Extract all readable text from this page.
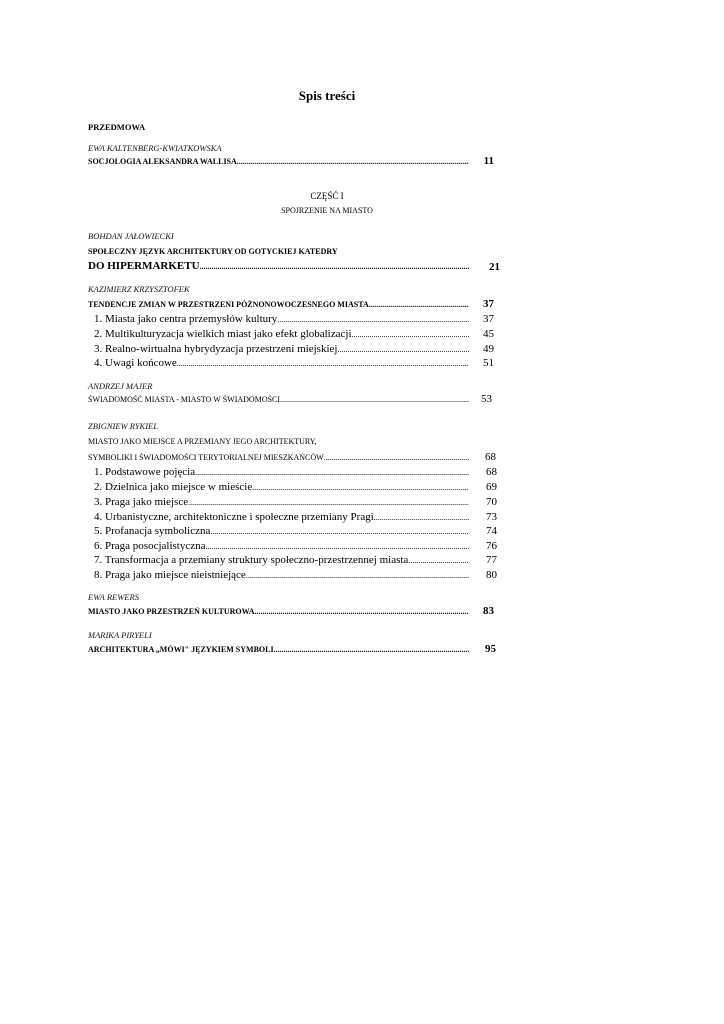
Spis treści
PRZEDMOWA
EWA KALTENBERG-KWIATKOWSKA
SOCJOLOGIA ALEKSANDRA WALLISA .....	11
CZĘŚĆ I
SPOJRZENIE NA MIASTO
BOHDAN JAŁOWIECKI
SPOŁECZNY JĘZYK ARCHITEKTURY OD GOTYCKIEJ KATEDRY
DO HIPERMARKETU .....	21
KAZIMIERZ KRZYSZTOFEK
TENDENCJE ZMIAN W PRZESTRZENI PÓŹNONOWOCZESNEGO MIASTA .....	37
1. Miasta jako centra przemysłów kultury .....	37
2. Multikulturyzacja wielkich miast jako efekt globalizacji .....	45
3. Realno-wirtualna hybrydyzacja przestrzeni miejskiej .....	49
4. Uwagi końcowe .....	51
ANDRZEJ MAJER
ŚWIADOMOŚĆ MIASTA - MIASTO W ŚWIADOMOŚCI .....	53
ZBIGNIEW RYKIEL
MIASTO JAKO MIEJSCE A PRZEMIANY JEGO ARCHITEKTURY,
SYMBOLIKI I ŚWIADOMOŚCI TERYTORIALNEJ MIESZKAŃCÓW .....	68
1. Podstawowe pojęcia .....	68
2. Dzielnica jako miejsce w mieście .....	69
3. Praga jako miejsce .....	70
4. Urbanistyczne, architektoniczne i społeczne przemiany Pragi .....	73
5. Profanacja symboliczna .....	74
6. Praga posocjalistyczna .....	76
7. Transformacja a przemiany struktury społeczno-przestrzennej miasta .....	77
8. Praga jako miejsce nieistniejące .....	80
EWA REWERS
MIASTO JAKO PRZESTRZEŃ KULTUROWA .....	83
MARIKA PIRYELI
ARCHITEKTURA „MÓWI" JĘZYKIEM SYMBOLI .....	95
